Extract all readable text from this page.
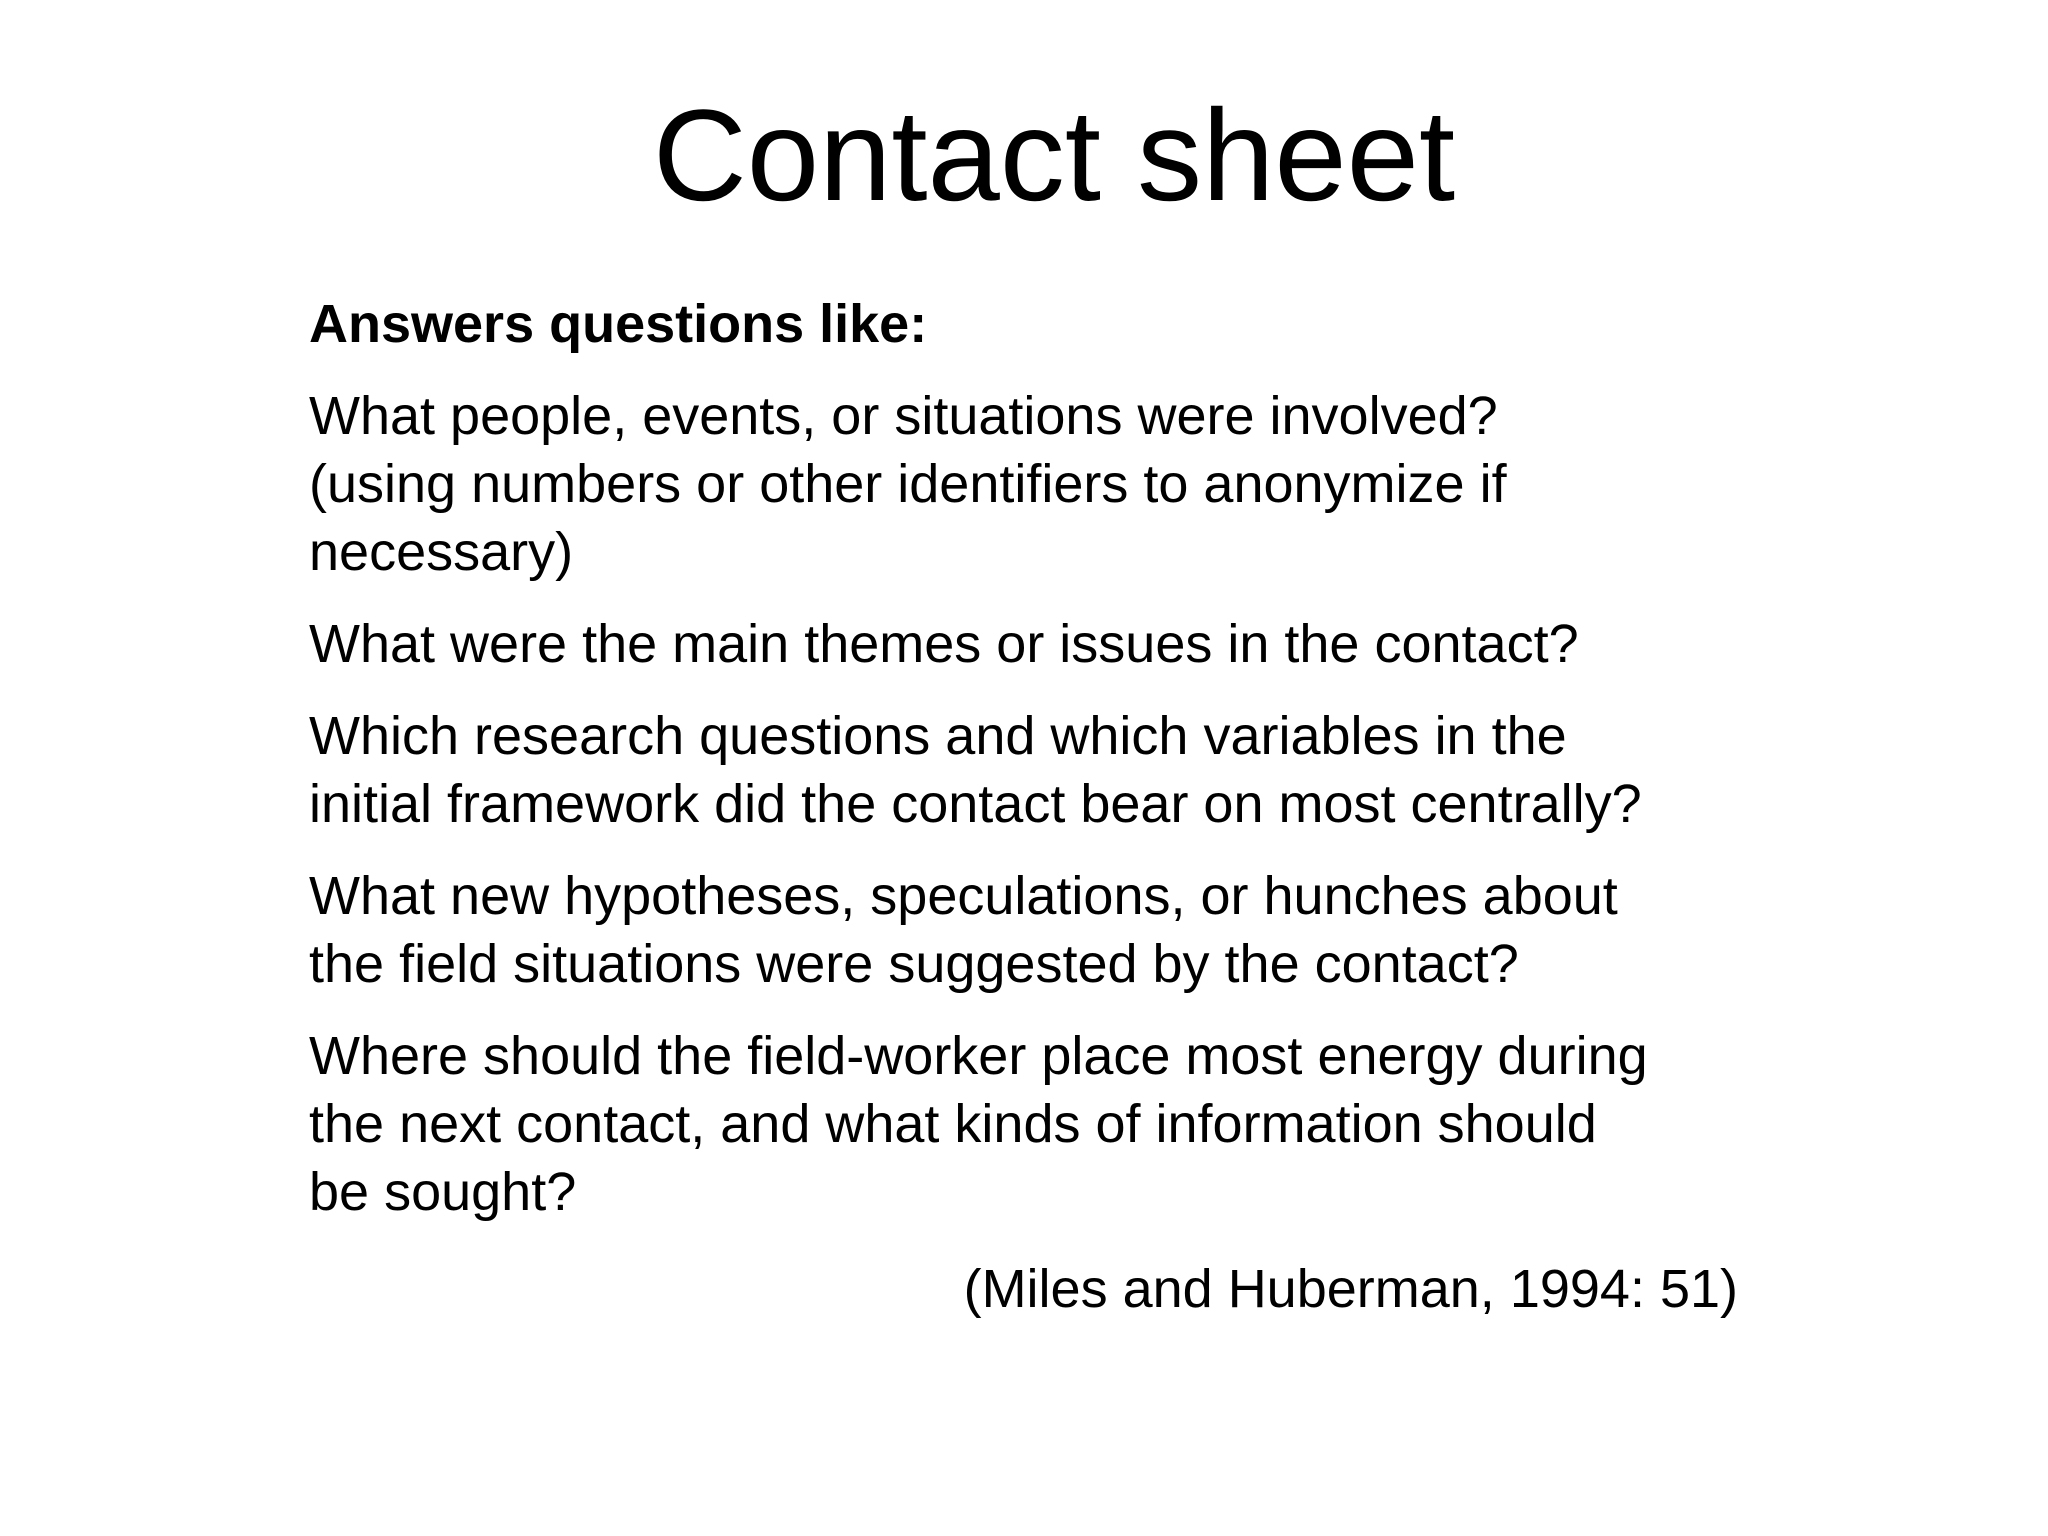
Contact sheet

Answers questions like:

What people, events, or situations were involved?
(using numbers or other identifiers to anonymize if
necessary)

What were the main themes or issues in the contact?

Which research questions and which variables in the
initial framework did the contact bear on most centrally?

What new hypotheses, speculations, or hunches about
the field situations were suggested by the contact?

Where should the field-worker place most energy during
the next contact, and what kinds of information should
be sought?

(Miles and Huberman, 1994: 51)
